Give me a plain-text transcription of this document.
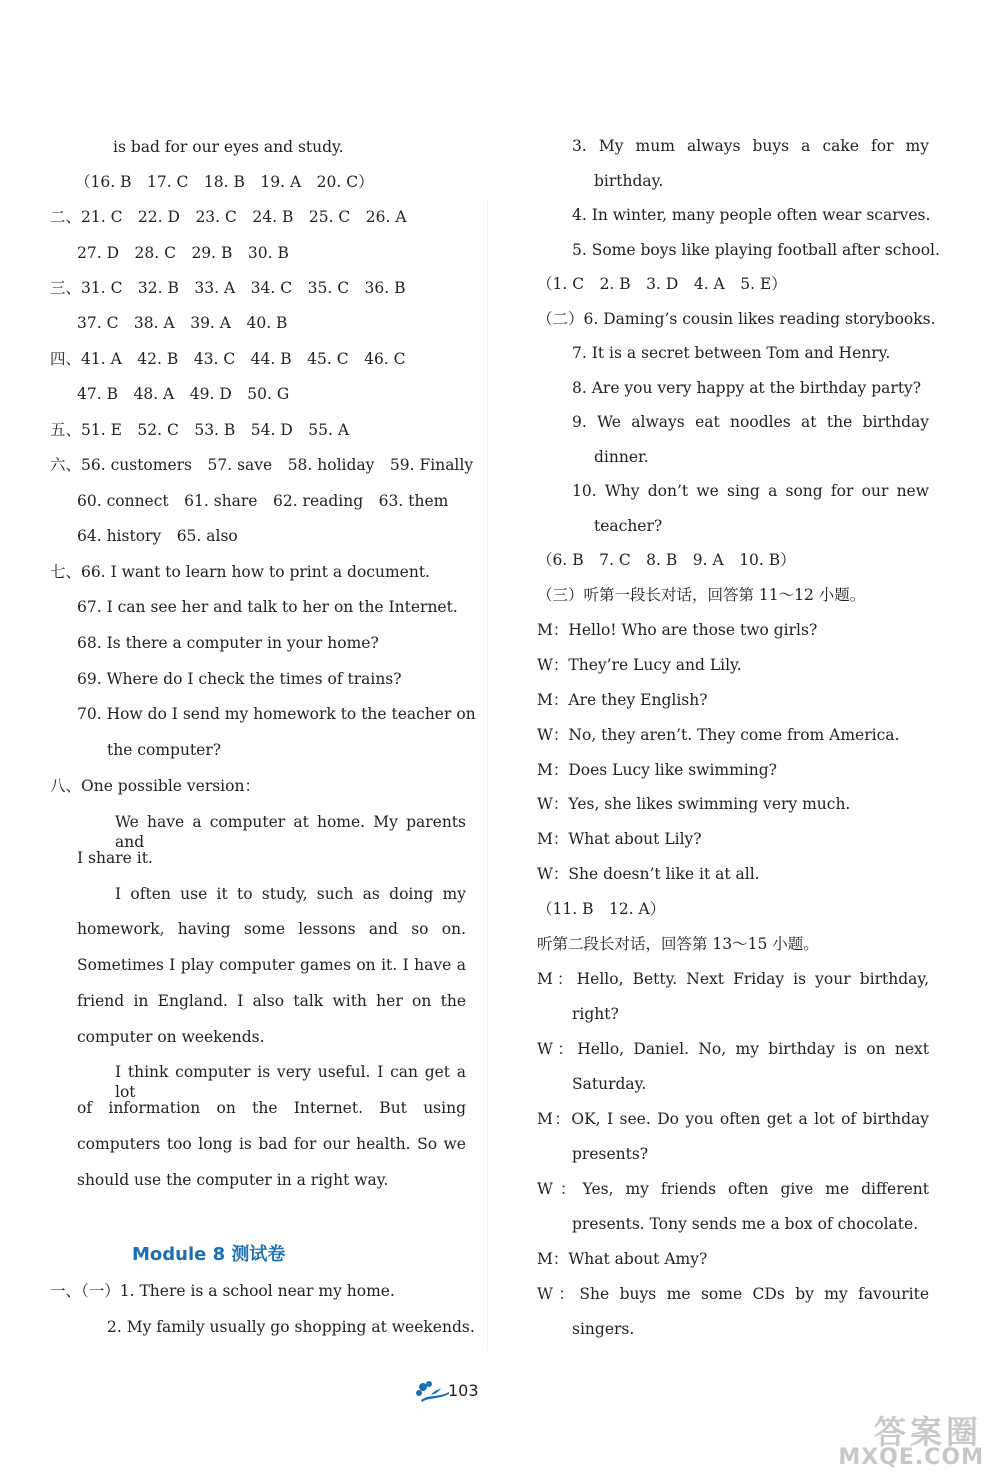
is bad for our eyes and study.
（16. B　17. C　18. B　19. A　20. C）
二、21. C　22. D　23. C　24. B　25. C　26. A
27. D　28. C　29. B　30. B
三、31. C　32. B　33. A　34. C　35. C　36. B
37. C　38. A　39. A　40. B
四、41. A　42. B　43. C　44. B　45. C　46. C
47. B　48. A　49. D　50. G
五、51. E　52. C　53. B　54. D　55. A
六、56. customers　57. save　58. holiday　59. Finally
60. connect　61. share　62. reading　63. them
64. history　65. also
七、66. I want to learn how to print a document.
67. I can see her and talk to her on the Internet.
68. Is there a computer in your home?
69. Where do I check the times of trains?
70. How do I send my homework to the teacher on
the computer?
八、One possible version：
We have a computer at home. My parents and
I share it.
I often use it to study, such as doing my
homework, having some lessons and so on.
Sometimes I play computer games on it. I have a
friend in England. I also talk with her on the
computer on weekends.
I think computer is very useful. I can get a lot
of information on the Internet. But using
computers too long is bad for our health. So we
should use the computer in a right way.
一、（一）1. There is a school near my home.
2. My family usually go shopping at weekends.
Module 8 测试卷
3. My mum always buys a cake for my
birthday.
4. In winter, many people often wear scarves.
5. Some boys like playing football after school.
（1. C　2. B　3. D　4. A　5. E）
（二）6. Daming’s cousin likes reading storybooks.
7. It is a secret between Tom and Henry.
8. Are you very happy at the birthday party?
9. We always eat noodles at the birthday
dinner.
10. Why don’t we sing a song for our new
teacher?
（6. B　7. C　8. B　9. A　10. B）
（三）听第一段长对话，回答第 11～12 小题。
M：Hello! Who are those two girls?
W：They’re Lucy and Lily.
M：Are they English?
W：No, they aren’t. They come from America.
M：Does Lucy like swimming?
W：Yes, she likes swimming very much.
M：What about Lily?
W：She doesn’t like it at all.
（11. B　12. A）
听第二段长对话，回答第 13～15 小题。
M：Hello, Betty. Next Friday is your birthday,
right?
W：Hello, Daniel. No, my birthday is on next
Saturday.
M：OK, I see. Do you often get a lot of birthday
presents?
W：Yes, my friends often give me different
presents. Tony sends me a box of chocolate.
M：What about Amy?
W：She buys me some CDs by my favourite
singers.
103
答案圈
MXQE.COM
